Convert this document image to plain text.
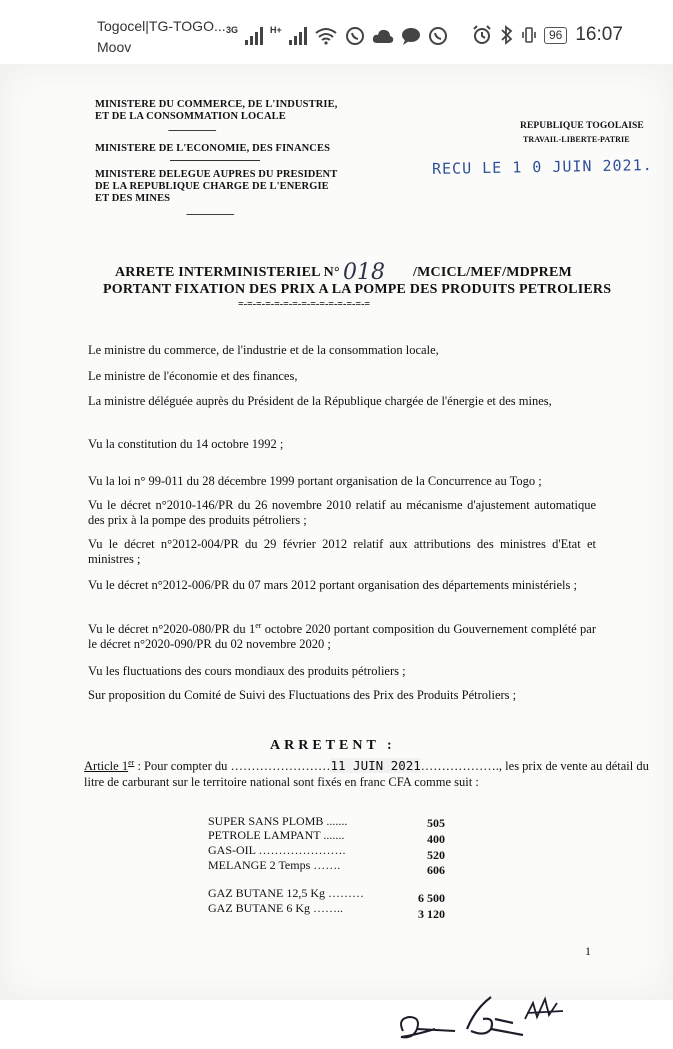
Togocel|TG-TOGO...
Moov
3G	H+	96 16:07
MINISTERE DU COMMERCE, DE L'INDUSTRIE,
ET DE LA CONSOMMATION LOCALE
-------------------
MINISTERE DE L'ECONOMIE, DES FINANCES
MINISTERE DELEGUE AUPRES DU PRESIDENT
DE LA REPUBLIQUE CHARGE DE L'ENERGIE
ET DES MINES
-------------------
REPUBLIQUE TOGOLAISE
TRAVAIL-LIBERTE-PATRIE
RECU LE 1 0 JUIN 2021.
ARRETE INTERMINISTERIEL N° 018 /MCICL/MEF/MDPREM
PORTANT FIXATION DES PRIX A LA POMPE DES PRODUITS PETROLIERS
=-=-=-=-=-=-=-=-=-=-=-=-=-=-=
Le ministre du commerce, de l'industrie et de la consommation locale,
Le ministre de l'économie et des finances,
La ministre déléguée auprès du Président de la République chargée de l'énergie et des mines,
Vu la constitution du 14 octobre 1992 ;
Vu la loi n° 99-011 du 28 décembre 1999 portant organisation de la Concurrence au Togo ;
Vu le décret n°2010-146/PR du 26 novembre 2010 relatif au mécanisme d'ajustement automatique des prix à la pompe des produits pétroliers ;
Vu le décret n°2012-004/PR du 29 février 2012 relatif aux attributions des ministres d'Etat et ministres ;
Vu le décret n°2012-006/PR du 07 mars 2012 portant organisation des départements ministériels ;
Vu le décret n°2020-080/PR du 1er octobre 2020 portant composition du Gouvernement complété par le décret n°2020-090/PR du 02 novembre 2020 ;
Vu les fluctuations des cours mondiaux des produits pétroliers ;
Sur proposition du Comité de Suivi des Fluctuations des Prix des Produits Pétroliers ;
ARRETENT :
Article 1er : Pour compter du ……………………11 JUIN 2021………………., les prix de vente au détail du
litre de carburant sur le territoire national sont fixés en franc CFA comme suit :
SUPER SANS PLOMB .......	505
PETROLE LAMPANT .......	400
GAS-OIL ………………….	520
MELANGE 2 Temps …….	606
GAZ BUTANE 12,5 Kg ………	6 500
GAZ BUTANE 6 Kg ……..	3 120
1
